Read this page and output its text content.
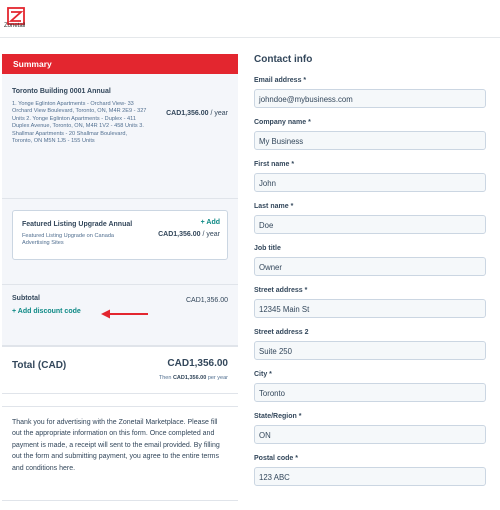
Zonetail
Summary
Toronto Building 0001 Annual
CAD1,356.00 / year
1. Yonge Eglinton Apartments - Orchard View- 33 Orchard View Boulevard, Toronto, ON, M4R 2E9 - 327 Units 2. Yonge Eglinton Apartments - Duplex - 411 Duplex Avenue, Toronto, ON, M4R 1V2 - 458 Units 3. Shallmar Apartments - 20 Shallmar Boulevard, Toronto, ON M5N 1J5 - 155 Units
Featured Listing Upgrade Annual
Featured Listing Upgrade on Canada Advertising Sites
+ Add
CAD1,356.00 / year
Subtotal	CAD1,356.00
+ Add discount code
Total (CAD)	CAD1,356.00
Then CAD1,356.00 per year
Thank you for advertising with the Zonetail Marketplace. Please fill out the appropriate information on this form. Once completed and payment is made, a receipt will sent to the email provided. By filling out the form and submitting payment, you agree to the entire terms and conditions here.
Contact info
Email address *
johndoe@mybusiness.com
Company name *
My Business
First name *
John
Last name *
Doe
Job title
Owner
Street address *
12345 Main St
Street address 2
Suite 250
City *
Toronto
State/Region *
ON
Postal code *
123 ABC
